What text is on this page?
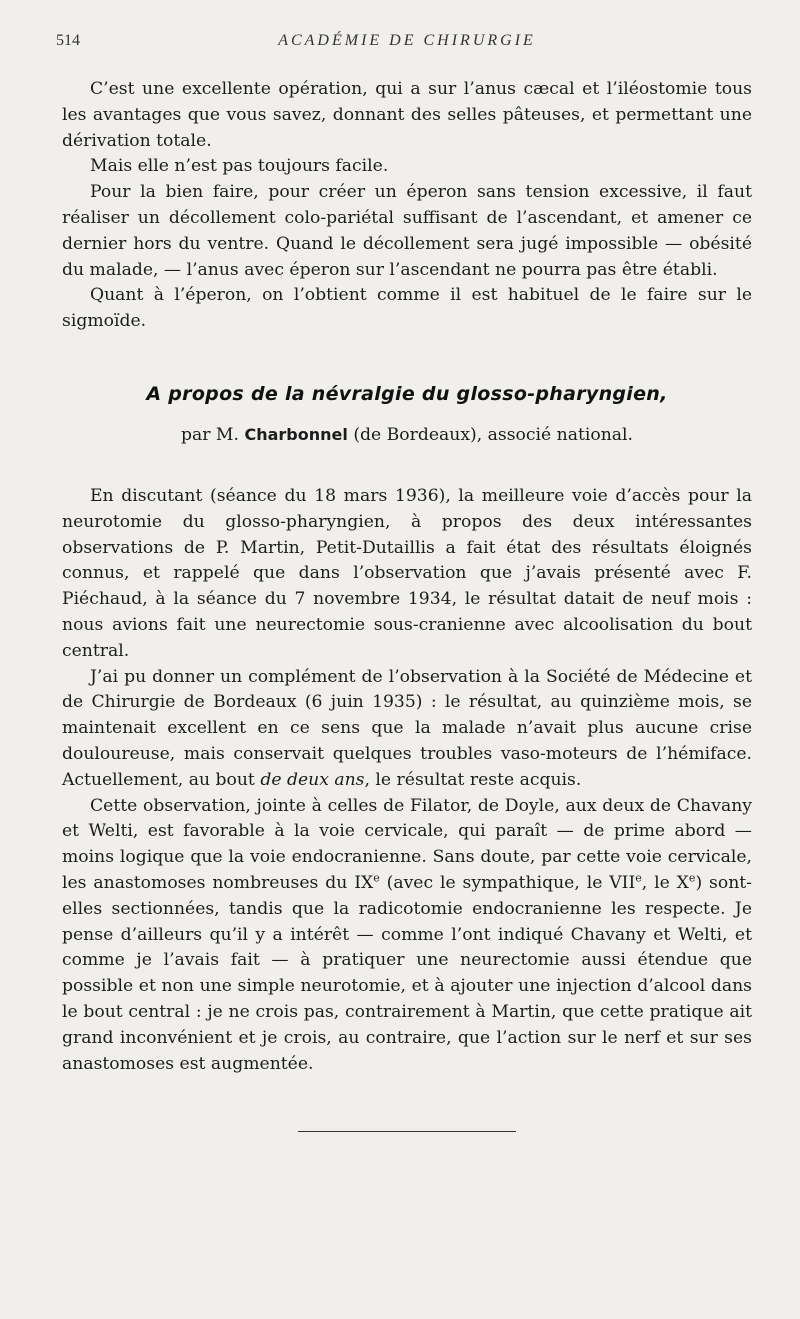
514	ACADÉMIE DE CHIRURGIE

C’est une excellente opération, qui a sur l’anus cæcal et l’iléostomie tous les avantages que vous savez, donnant des selles pâteuses, et permettant une dérivation totale.

Mais elle n’est pas toujours facile.

Pour la bien faire, pour créer un éperon sans tension excessive, il faut réaliser un décollement colo-pariétal suffisant de l’ascendant, et amener ce dernier hors du ventre. Quand le décollement sera jugé impossible — obésité du malade, — l’anus avec éperon sur l’ascendant ne pourra pas être établi.

Quant à l’éperon, on l’obtient comme il est habituel de le faire sur le sigmoïde.

A propos de la névralgie du glosso-pharyngien,
par M. Charbonnel (de Bordeaux), associé national.

En discutant (séance du 18 mars 1936), la meilleure voie d’accès pour la neurotomie du glosso-pharyngien, à propos des deux intéressantes observations de P. Martin, Petit-Dutaillis a fait état des résultats éloignés connus, et rappelé que dans l’observation que j’avais présenté avec F. Piéchaud, à la séance du 7 novembre 1934, le résultat datait de neuf mois : nous avions fait une neurectomie sous-cranienne avec alcoolisation du bout central.

J’ai pu donner un complément de l’observation à la Société de Médecine et de Chirurgie de Bordeaux (6 juin 1935) : le résultat, au quinzième mois, se maintenait excellent en ce sens que la malade n’avait plus aucune crise douloureuse, mais conservait quelques troubles vaso-moteurs de l’hémiface. Actuellement, au bout de deux ans, le résultat reste acquis.

Cette observation, jointe à celles de Filator, de Doyle, aux deux de Chavany et Welti, est favorable à la voie cervicale, qui paraît — de prime abord — moins logique que la voie endocranienne. Sans doute, par cette voie cervicale, les anastomoses nombreuses du IXe (avec le sympathique, le VIIe, le Xe) sont-elles sectionnées, tandis que la radicotomie endocranienne les respecte. Je pense d’ailleurs qu’il y a intérêt — comme l’ont indiqué Chavany et Welti, et comme je l’avais fait — à pratiquer une neurectomie aussi étendue que possible et non une simple neurotomie, et à ajouter une injection d’alcool dans le bout central : je ne crois pas, contrairement à Martin, que cette pratique ait grand inconvénient et je crois, au contraire, que l’action sur le nerf et sur ses anastomoses est augmentée.
